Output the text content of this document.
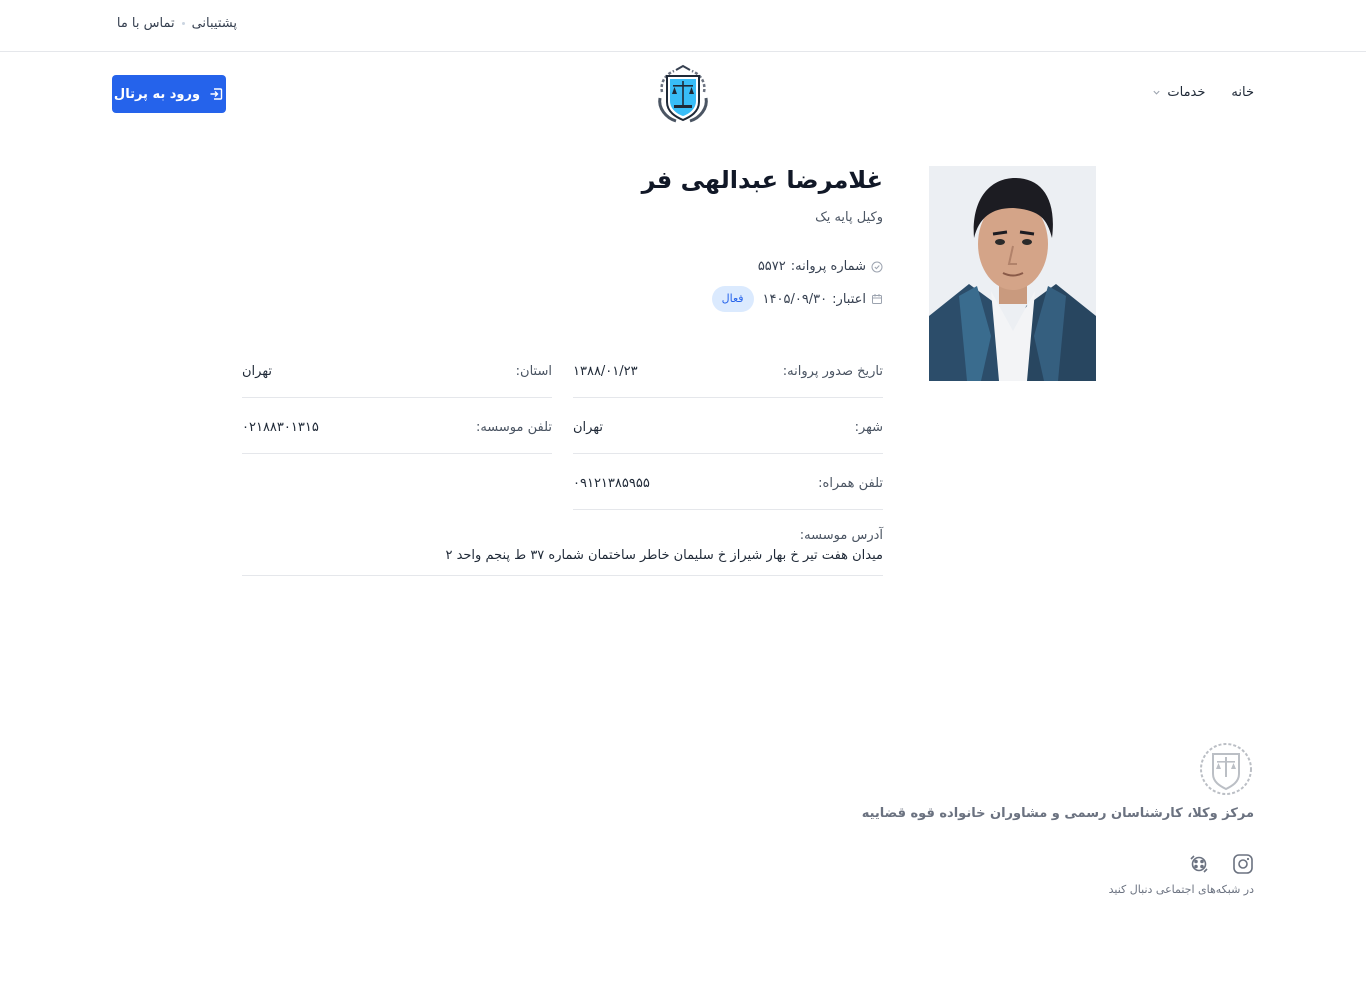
پشتیبانی
تماس با ما
خانه
خدمات
ورود به پرتال
غلامرضا عبدالهی فر
وکیل پایه یک
شماره پروانه:
۵۵۷۲
اعتبار:
۱۴۰۵/۰۹/۳۰
فعال
تاریخ صدور پروانه:
۱۳۸۸/۰۱/۲۳
استان:
تهران
شهر:
تهران
تلفن موسسه:
۰۲۱۸۸۳۰۱۳۱۵
تلفن همراه:
۰۹۱۲۱۳۸۵۹۵۵
آدرس موسسه:
میدان هفت تیر خ بهار شیراز خ سلیمان خاطر ساختمان شماره ۳۷ ط پنجم واحد ۲
مرکز وکلا، کارشناسان رسمی و مشاوران خانواده قوه قضاییه
در شبکه‌های اجتماعی دنبال کنید
